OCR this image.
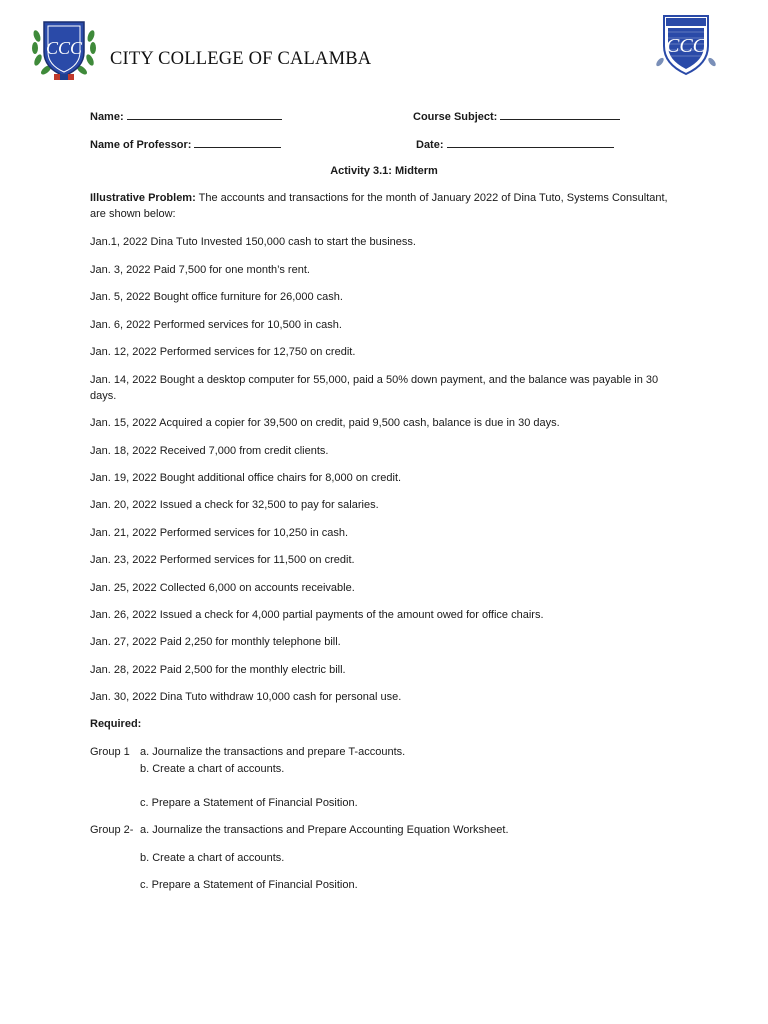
CCC
CITY COLLEGE OF CALAMBA
CCC
Name:	Course Subject:
Name of Professor:	Date:
Activity 3.1: Midterm
Illustrative Problem: The accounts and transactions for the month of January 2022 of Dina Tuto, Systems Consultant, are shown below:
Jan.1, 2022 Dina Tuto Invested 150,000 cash to start the business.
Jan. 3, 2022 Paid 7,500 for one month’s rent.
Jan. 5, 2022 Bought office furniture for 26,000 cash.
Jan. 6, 2022 Performed services for 10,500 in cash.
Jan. 12, 2022 Performed services for 12,750 on credit.
Jan. 14, 2022 Bought a desktop computer for 55,000, paid a 50% down payment, and the balance was payable in 30 days.
Jan. 15, 2022 Acquired a copier for 39,500 on credit, paid 9,500 cash, balance is due in 30 days.
Jan. 18, 2022 Received 7,000 from credit clients.
Jan. 19, 2022 Bought additional office chairs for 8,000 on credit.
Jan. 20, 2022 Issued a check for 32,500 to pay for salaries.
Jan. 21, 2022 Performed services for 10,250 in cash.
Jan. 23, 2022 Performed services for 11,500 on credit.
Jan. 25, 2022 Collected 6,000 on accounts receivable.
Jan. 26, 2022 Issued a check for 4,000 partial payments of the amount owed for office chairs.
Jan. 27, 2022 Paid 2,250 for monthly telephone bill.
Jan. 28, 2022 Paid 2,500 for the monthly electric bill.
Jan. 30, 2022 Dina Tuto withdraw 10,000 cash for personal use.
Required:
Group 1 a. Journalize the transactions and prepare T-accounts.
b. Create a chart of accounts.
c. Prepare a Statement of Financial Position.
Group 2- a. Journalize the transactions and Prepare Accounting Equation Worksheet.
b. Create a chart of accounts.
c. Prepare a Statement of Financial Position.
